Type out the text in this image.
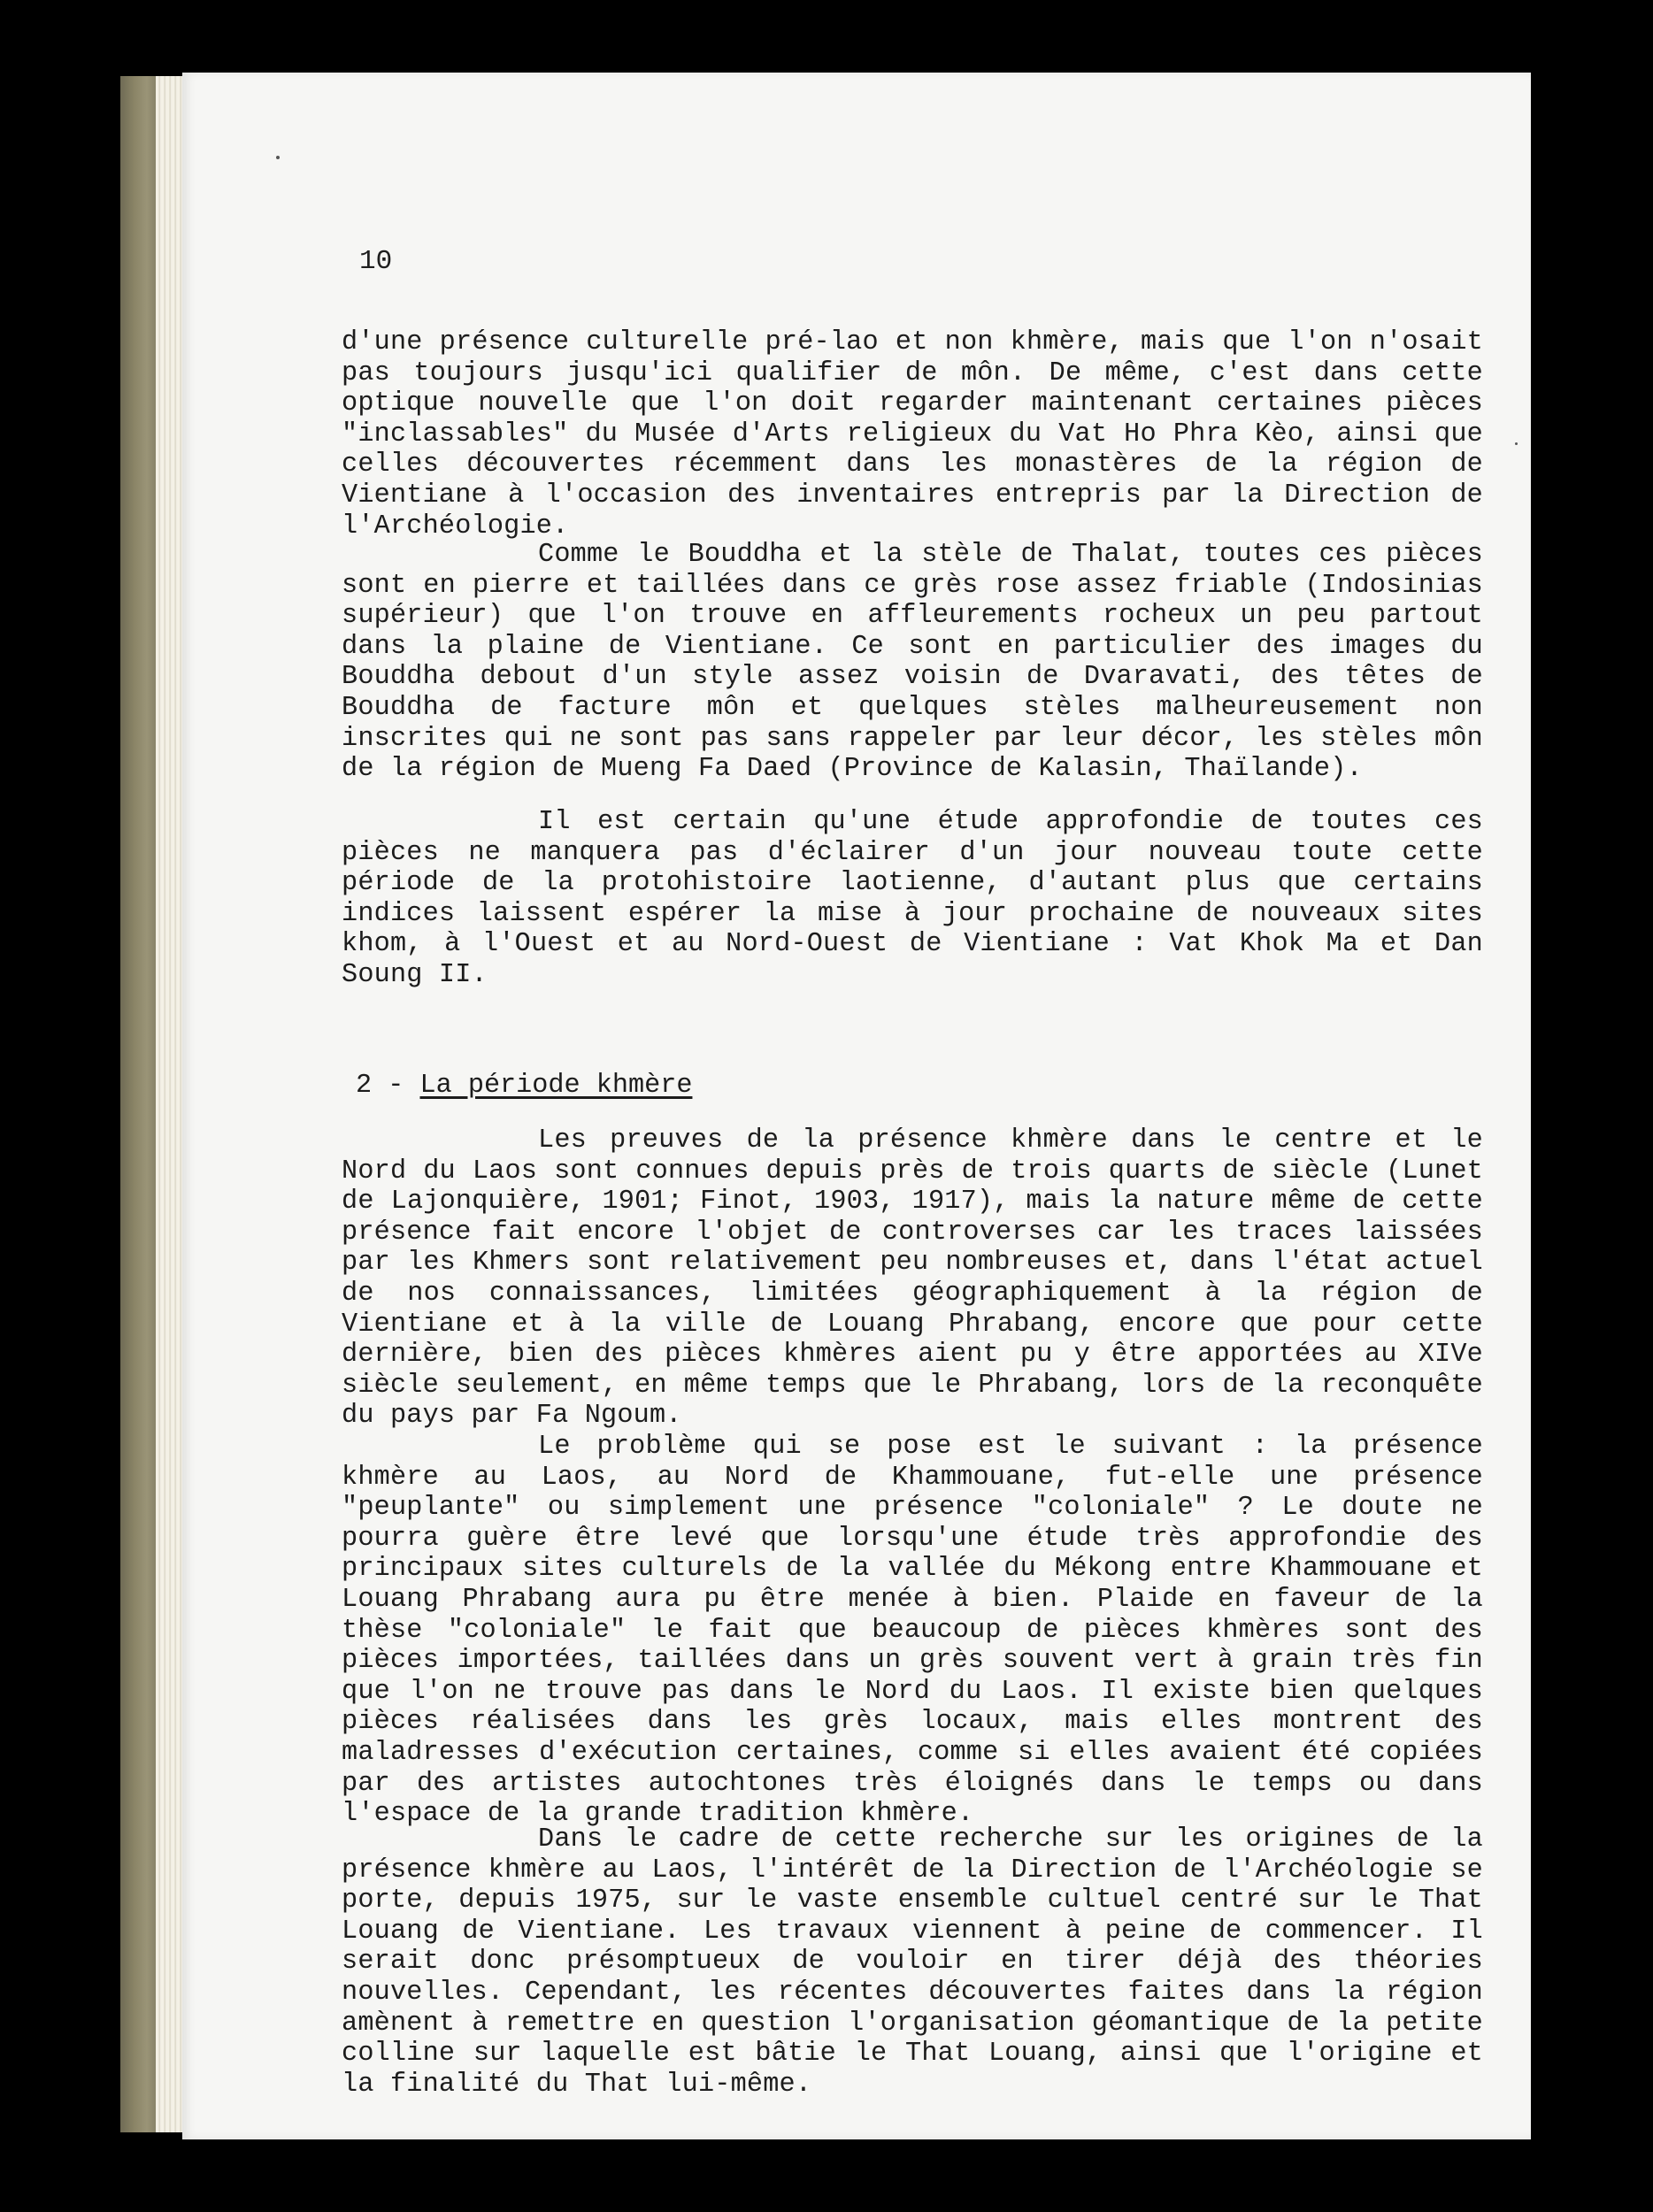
10

d'une présence culturelle pré-lao et non khmère, mais que l'on n'osait pas toujours jusqu'ici qualifier de môn. De même, c'est dans cette optique nouvelle que l'on doit regarder maintenant certaines pièces "inclassables" du Musée d'Arts religieux du Vat Ho Phra Kèo, ainsi que celles découvertes récemment dans les monastères de la région de Vientiane à l'occasion des inventaires entrepris par la Direction de l'Archéologie.

Comme le Bouddha et la stèle de Thalat, toutes ces pièces sont en pierre et taillées dans ce grès rose assez friable (Indosinias supérieur) que l'on trouve en affleurements rocheux un peu partout dans la plaine de Vientiane. Ce sont en particulier des images du Bouddha debout d'un style assez voisin de Dvaravati, des têtes de Bouddha de facture môn et quelques stèles malheureusement non inscrites qui ne sont pas sans rappeler par leur décor, les stèles môn de la région de Mueng Fa Daed (Province de Kalasin, Thaïlande).

Il est certain qu'une étude approfondie de toutes ces pièces ne manquera pas d'éclairer d'un jour nouveau toute cette période de la protohistoire laotienne, d'autant plus que certains indices laissent espérer la mise à jour prochaine de nouveaux sites khom, à l'Ouest et au Nord-Ouest de Vientiane : Vat Khok Ma et Dan Soung II.

2 - La période khmère

Les preuves de la présence khmère dans le centre et le Nord du Laos sont connues depuis près de trois quarts de siècle (Lunet de Lajonquière, 1901; Finot, 1903, 1917), mais la nature même de cette présence fait encore l'objet de controverses car les traces laissées par les Khmers sont relativement peu nombreuses et, dans l'état actuel de nos connaissances, limitées géographiquement à la région de Vientiane et à la ville de Louang Phrabang, encore que pour cette dernière, bien des pièces khmères aient pu y être apportées au XIVe siècle seulement, en même temps que le Phrabang, lors de la reconquête du pays par Fa Ngoum.

Le problème qui se pose est le suivant : la présence khmère au Laos, au Nord de Khammouane, fut-elle une présence "peuplante" ou simplement une présence "coloniale" ? Le doute ne pourra guère être levé que lorsqu'une étude très approfondie des principaux sites culturels de la vallée du Mékong entre Khammouane et Louang Phrabang aura pu être menée à bien. Plaide en faveur de la thèse "coloniale" le fait que beaucoup de pièces khmères sont des pièces importées, taillées dans un grès souvent vert à grain très fin que l'on ne trouve pas dans le Nord du Laos. Il existe bien quelques pièces réalisées dans les grès locaux, mais elles montrent des maladresses d'exécution certaines, comme si elles avaient été copiées par des artistes autochtones très éloignés dans le temps ou dans l'espace de la grande tradition khmère.

Dans le cadre de cette recherche sur les origines de la présence khmère au Laos, l'intérêt de la Direction de l'Archéologie se porte, depuis 1975, sur le vaste ensemble cultuel centré sur le That Louang de Vientiane. Les travaux viennent à peine de commencer. Il serait donc présomptueux de vouloir en tirer déjà des théories nouvelles. Cependant, les récentes découvertes faites dans la région amènent à remettre en question l'organisation géomantique de la petite colline sur laquelle est bâtie le That Louang, ainsi que l'origine et la finalité du That lui-même.
